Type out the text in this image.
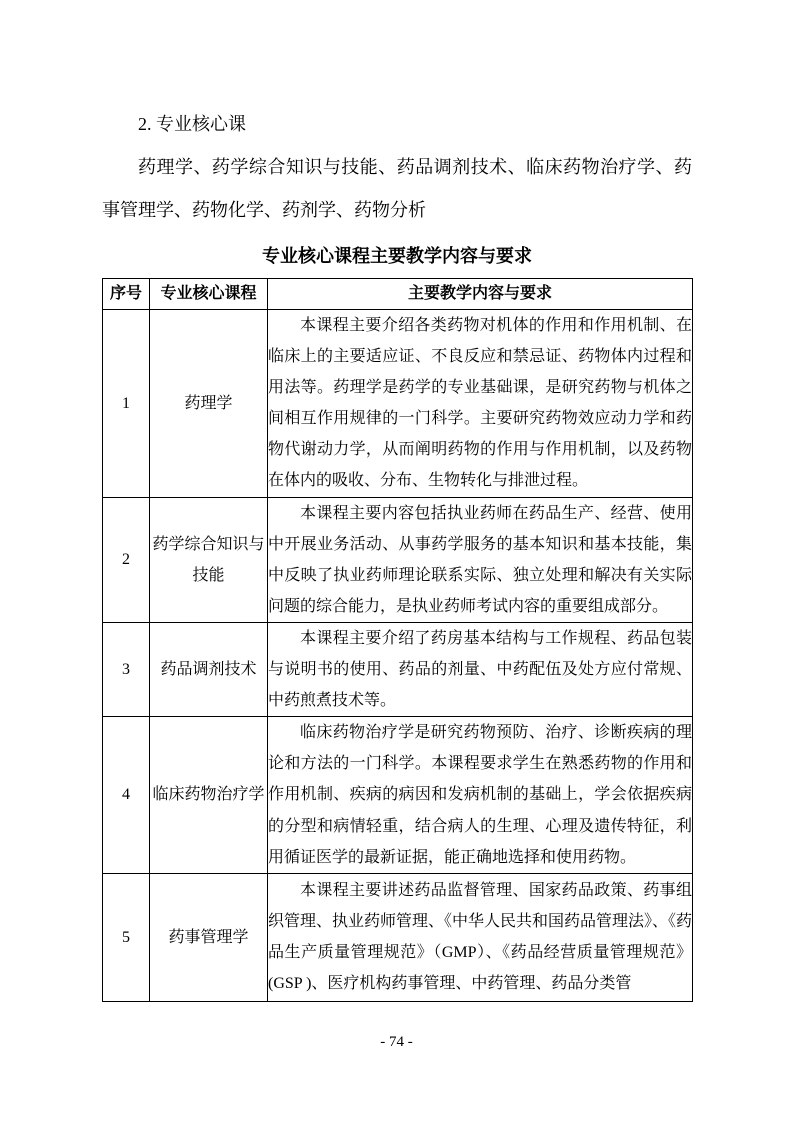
2. 专业核心课

药理学、药学综合知识与技能、药品调剂技术、临床药物治疗学、药事管理学、药物化学、药剂学、药物分析

专业核心课程主要教学内容与要求
序号	专业核心课程	主要教学内容与要求
1	药理学	本课程主要介绍各类药物对机体的作用和作用机制、在临床上的主要适应证、不良反应和禁忌证、药物体内过程和用法等。药理学是药学的专业基础课，是研究药物与机体之间相互作用规律的一门科学。主要研究药物效应动力学和药物代谢动力学，从而阐明药物的作用与作用机制，以及药物在体内的吸收、分布、生物转化与排泄过程。

2	药学综合知识与技能	本课程主要内容包括执业药师在药品生产、经营、使用中开展业务活动、从事药学服务的基本知识和基本技能，集中反映了执业药师理论联系实际、独立处理和解决有关实际问题的综合能力，是执业药师考试内容的重要组成部分。

3	药品调剂技术	本课程主要介绍了药房基本结构与工作规程、药品包装与说明书的使用、药品的剂量、中药配伍及处方应付常规、中药煎煮技术等。

4	临床药物治疗学	临床药物治疗学是研究药物预防、治疗、诊断疾病的理论和方法的一门科学。本课程要求学生在熟悉药物的作用和作用机制、疾病的病因和发病机制的基础上，学会依据疾病的分型和病情轻重，结合病人的生理、心理及遗传特征，利用循证医学的最新证据，能正确地选择和使用药物。

5	药事管理学	本课程主要讲述药品监督管理、国家药品政策、药事组织管理、执业药师管理、《中华人民共和国药品管理法》、《药品生产质量管理规范》（GMP）、《药品经营质量管理规范》(GSP )、医疗机构药事管理、中药管理、药品分类管

- 74 -
